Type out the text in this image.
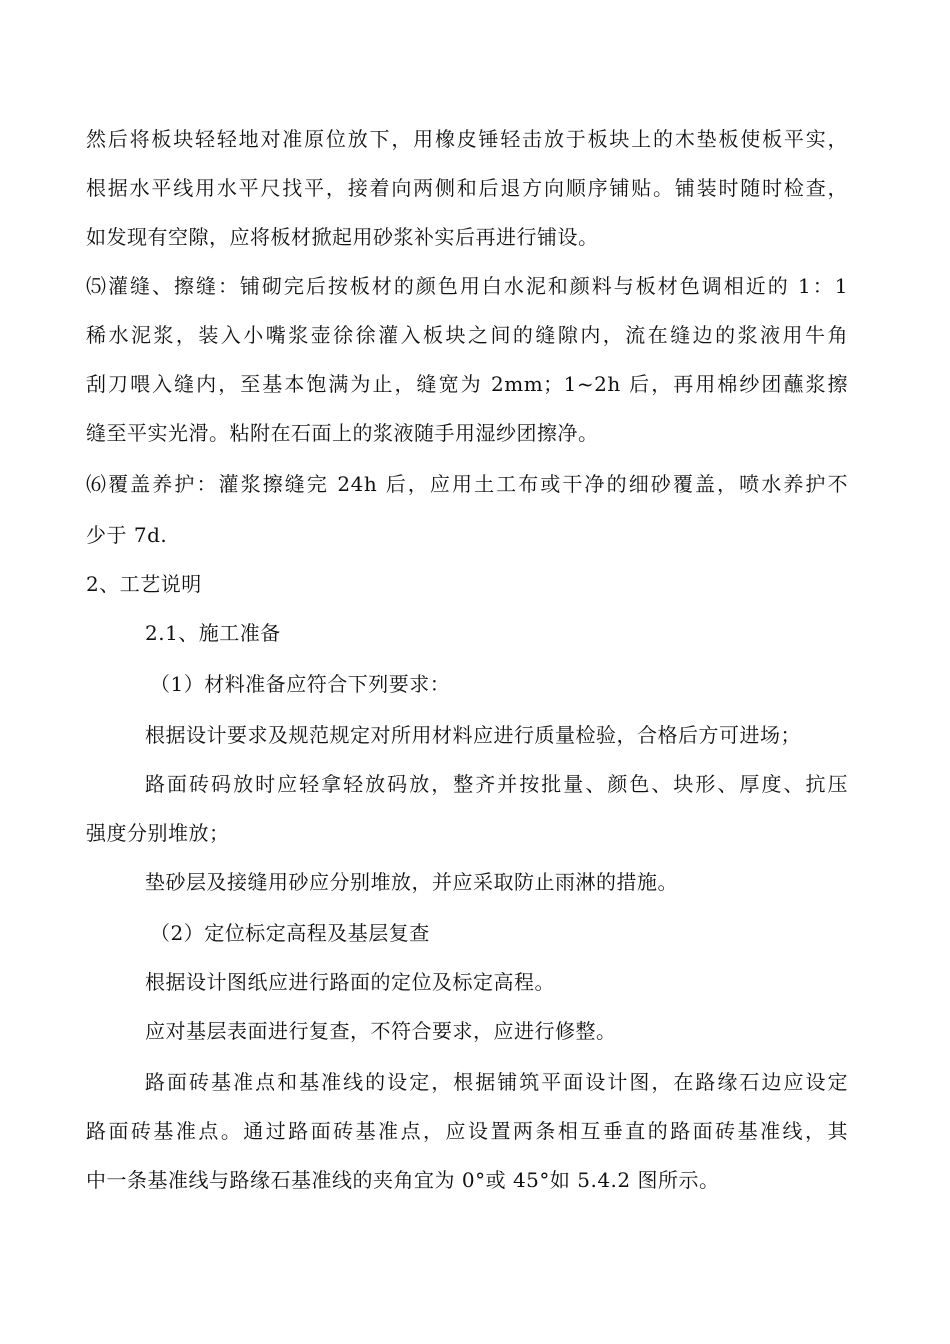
然后将板块轻轻地对准原位放下，用橡皮锤轻击放于板块上的木垫板使板平实，
根据水平线用水平尺找平，接着向两侧和后退方向顺序铺贴。铺装时随时检查，
如发现有空隙，应将板材掀起用砂浆补实后再进行铺设。
⑸灌缝、擦缝：铺砌完后按板材的颜色用白水泥和颜料与板材色调相近的 1：1
稀水泥浆，装入小嘴浆壶徐徐灌入板块之间的缝隙内，流在缝边的浆液用牛角
刮刀喂入缝内，至基本饱满为止，缝宽为 2mm；1~2h 后，再用棉纱团蘸浆擦
缝至平实光滑。粘附在石面上的浆液随手用湿纱团擦净。
⑹覆盖养护：灌浆擦缝完 24h 后，应用土工布或干净的细砂覆盖，喷水养护不
少于 7d.
2、工艺说明
2.1、施工准备
（1）材料准备应符合下列要求：
根据设计要求及规范规定对所用材料应进行质量检验，合格后方可进场；
路面砖码放时应轻拿轻放码放，整齐并按批量、颜色、块形、厚度、抗压
强度分别堆放；
垫砂层及接缝用砂应分别堆放，并应采取防止雨淋的措施。
（2）定位标定高程及基层复查
根据设计图纸应进行路面的定位及标定高程。
应对基层表面进行复查，不符合要求，应进行修整。
路面砖基准点和基准线的设定，根据铺筑平面设计图，在路缘石边应设定
路面砖基准点。通过路面砖基准点，应设置两条相互垂直的路面砖基准线，其
中一条基准线与路缘石基准线的夹角宜为 0°或 45°如 5.4.2 图所示。
